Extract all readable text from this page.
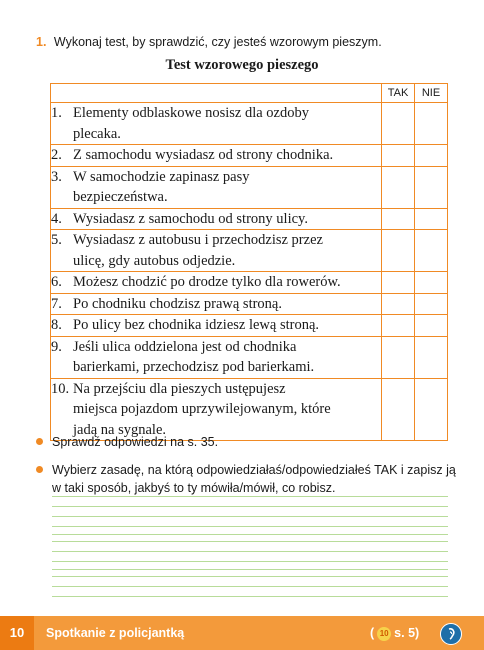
1. Wykonaj test, by sprawdzić, czy jesteś wzorowym pieszym.
Test wzorowego pieszego
	TAK	NIE

1. Elementy odblaskowe nosisz dla ozdoby
plecaka.		

2. Z samochodu wysiadasz od strony chodnika.		

3. W samochodzie zapinasz pasy
bezpieczeństwa.		

4. Wysiadasz z samochodu od strony ulicy.		

5. Wysiadasz z autobusu i przechodzisz przez
ulicę, gdy autobus odjedzie.		

6. Możesz chodzić po drodze tylko dla rowerów.		

7. Po chodniku chodzisz prawą stroną.		

8. Po ulicy bez chodnika idziesz lewą stroną.		

9. Jeśli ulica oddzielona jest od chodnika
barierkami, przechodzisz pod barierkami.		

10. Na przejściu dla pieszych ustępujesz
miejsca pojazdom uprzywilejowanym, które
jadą na sygnale.		

Sprawdź odpowiedzi na s. 35.
Wybierz zasadę, na którą odpowiedziałaś/odpowiedziałeś TAK i zapisz ją w taki sposób, jakbyś to ty mówiła/mówił, co robisz.
10	Spotkanie z policjantką	( 10 s. 5)
